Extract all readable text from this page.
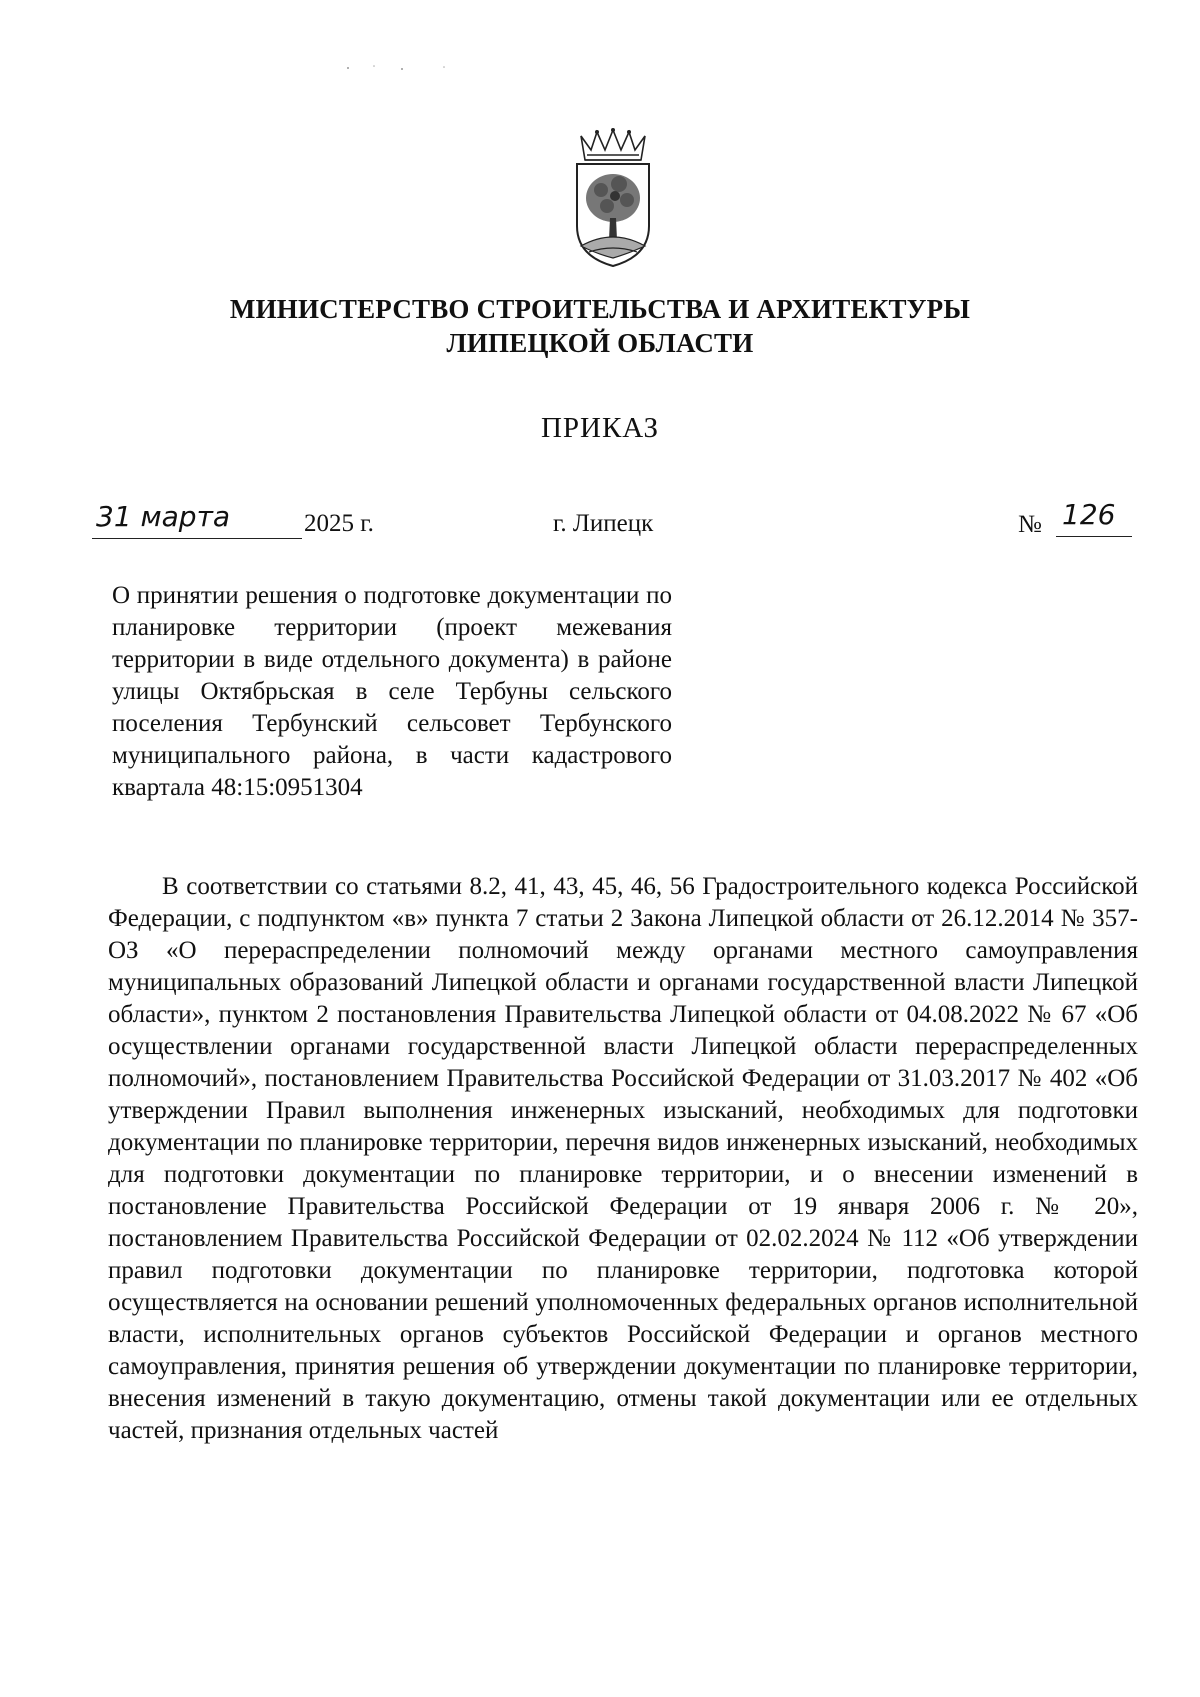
МИНИСТЕРСТВО СТРОИТЕЛЬСТВА И АРХИТЕКТУРЫ
ЛИПЕЦКОЙ ОБЛАСТИ
ПРИКАЗ
31 марта	2025 г.	г. Липецк	№ 126
О принятии решения о подготовке документации по планировке территории (проект межевания территории в виде отдельного документа) в районе улицы Октябрьская в селе Тербуны сельского поселения Тербунский сельсовет Тербунского муниципального района, в части кадастрового квартала 48:15:0951304
В соответствии со статьями 8.2, 41, 43, 45, 46, 56 Градостроительного кодекса Российской Федерации, с подпунктом «в» пункта 7 статьи 2 Закона Липецкой области от 26.12.2014 № 357-ОЗ «О перераспределении полномочий между органами местного самоуправления муниципальных образований Липецкой области и органами государственной власти Липецкой области», пунктом 2 постановления Правительства Липецкой области от 04.08.2022 № 67 «Об осуществлении органами государственной власти Липецкой области перераспределенных полномочий», постановлением Правительства Российской Федерации от 31.03.2017 № 402 «Об утверждении Правил выполнения инженерных изысканий, необходимых для подготовки документации по планировке территории, перечня видов инженерных изысканий, необходимых для подготовки документации по планировке территории, и о внесении изменений в постановление Правительства Российской Федерации от 19 января 2006 г. № 20», постановлением Правительства Российской Федерации от 02.02.2024 № 112 «Об утверждении правил подготовки документации по планировке территории, подготовка которой осуществляется на основании решений уполномоченных федеральных органов исполнительной власти, исполнительных органов субъектов Российской Федерации и органов местного самоуправления, принятия решения об утверждении документации по планировке территории, внесения изменений в такую документацию, отмены такой документации или ее отдельных частей, признания отдельных частей
